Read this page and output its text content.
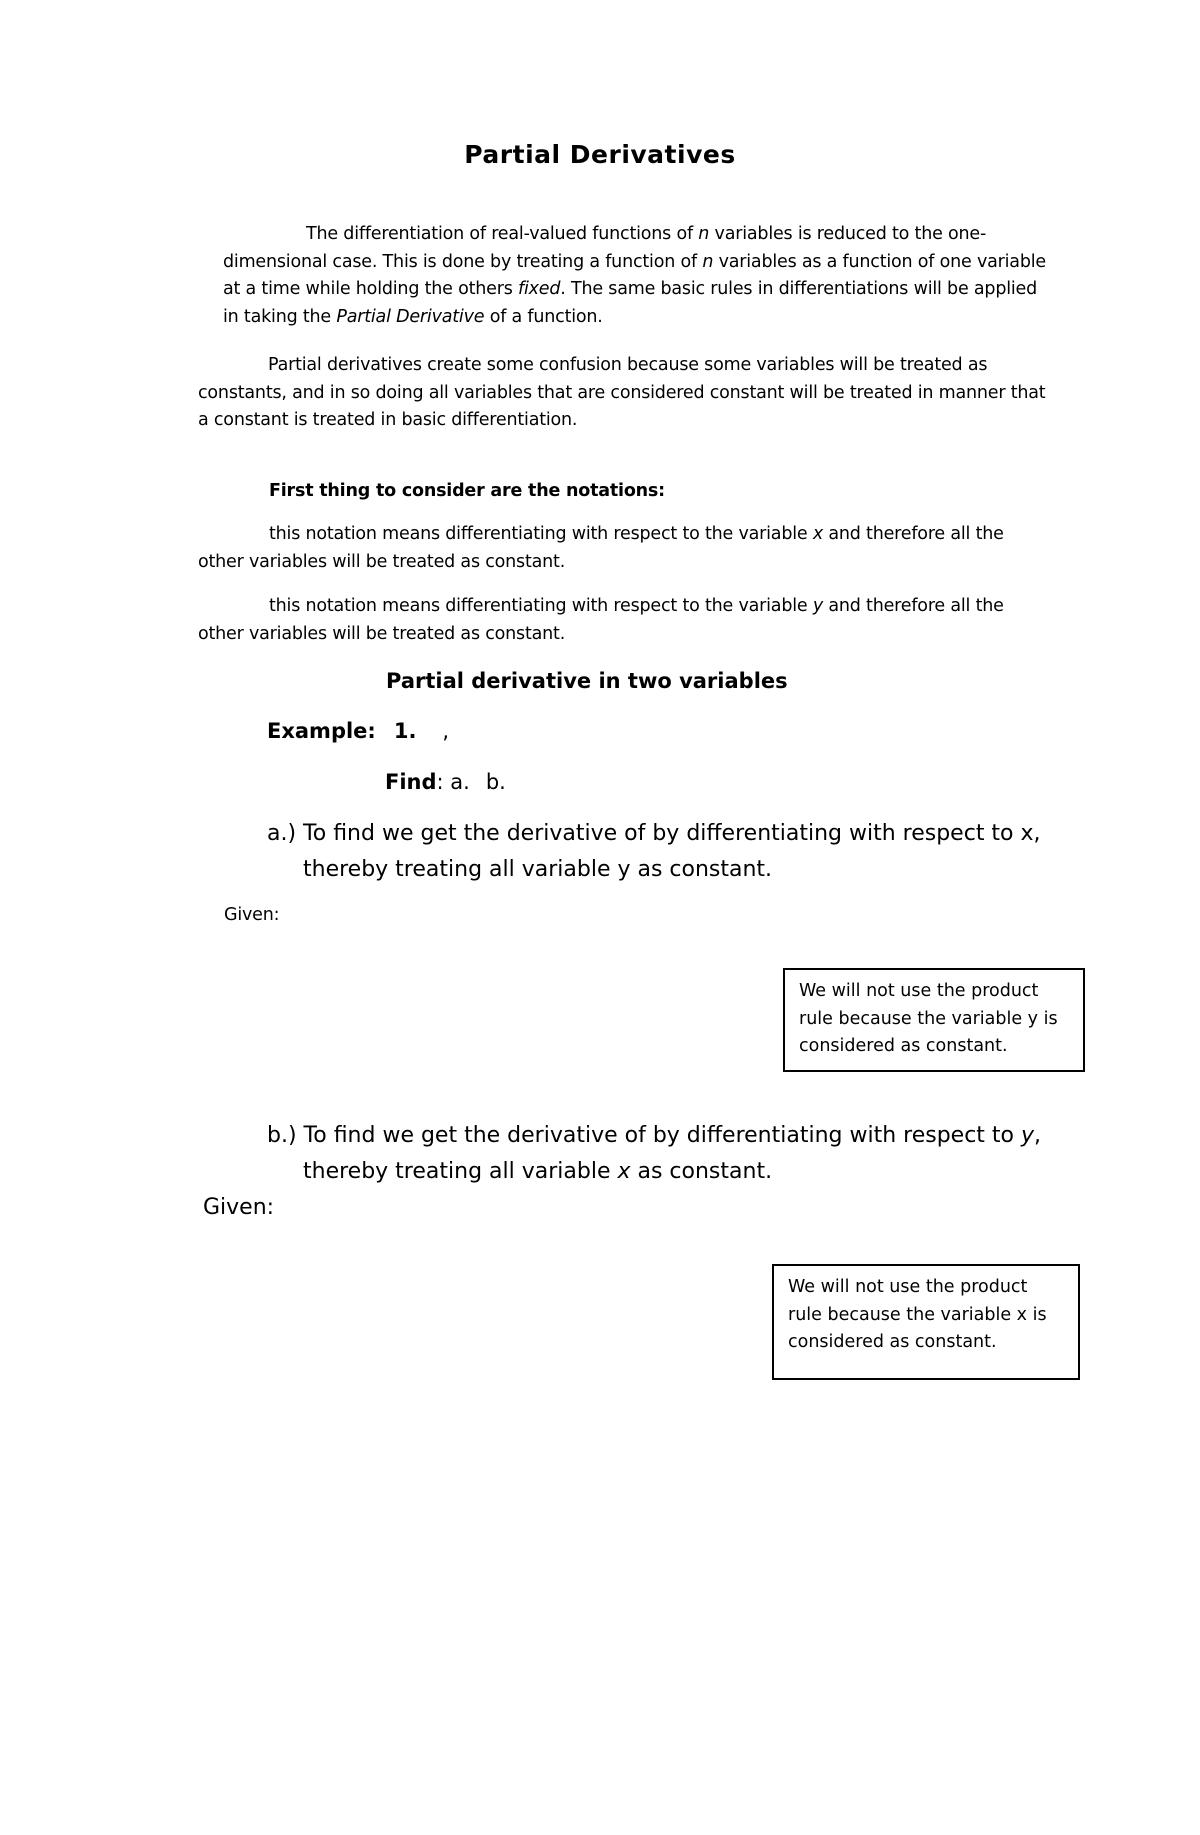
Partial Derivatives
The differentiation of real-valued functions of n variables is reduced to the one-
dimensional case. This is done by treating a function of n variables as a function of one variable
at a time while holding the others fixed. The same basic rules in differentiations will be applied
in taking the Partial Derivative of a function.
Partial derivatives create some confusion because some variables will be treated as
constants, and in so doing all variables that are considered constant will be treated in manner that
a constant is treated in basic differentiation.
First thing to consider are the notations:
this notation means differentiating with respect to the variable x and therefore all the
other variables will be treated as constant.
this notation means differentiating with respect to the variable y and therefore all the
other variables will be treated as constant.
Partial derivative in two variables
Example: 1. ,
Find: a. b.
a.) To find we get the derivative of by differentiating with respect to x,
thereby treating all variable y as constant.
Given:
We will not use the product rule because the variable y is considered as constant.
b.) To find we get the derivative of by differentiating with respect to y,
thereby treating all variable x as constant.
Given:
We will not use the product rule because the variable x is considered as constant.
